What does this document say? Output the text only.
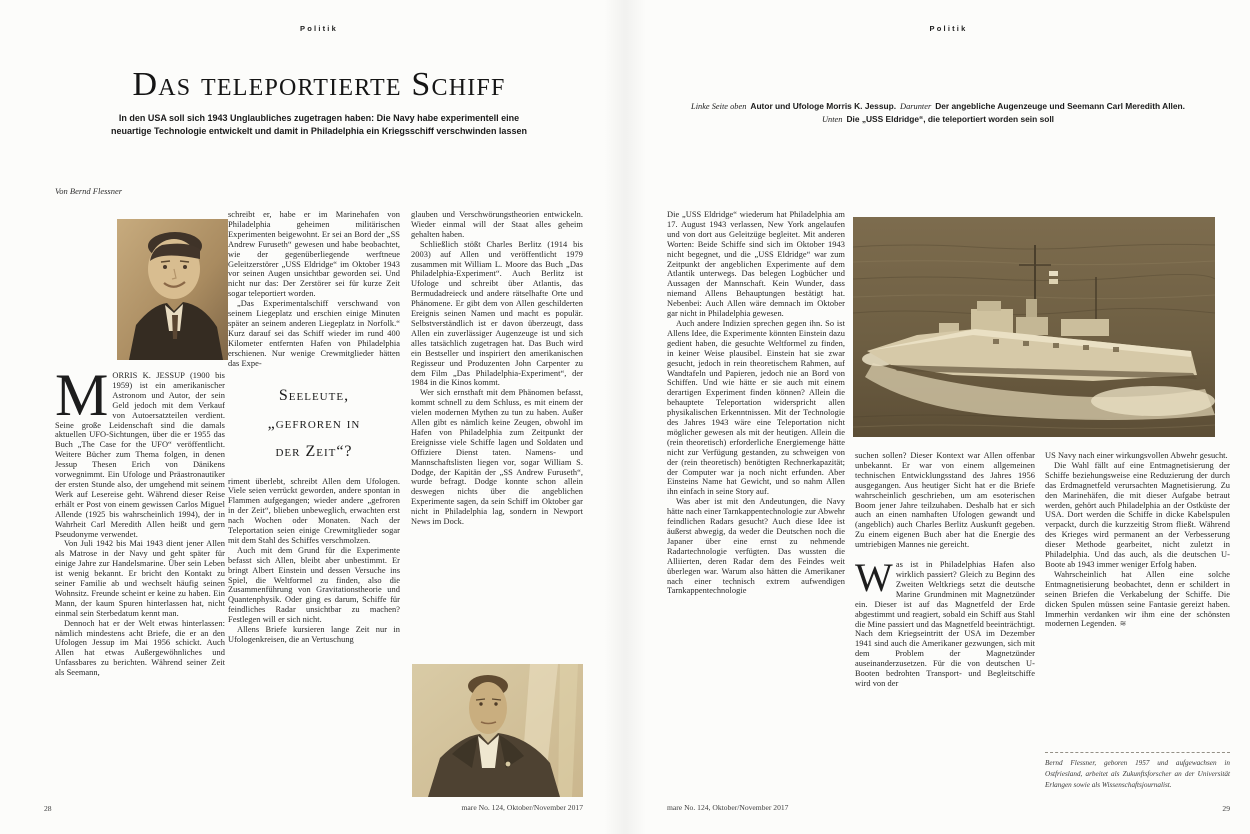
Politik
Das teleportierte Schiff

In den USA soll sich 1943 Unglaubliches zugetragen haben: Die Navy habe experimentell eine
neuartige Technologie entwickelt und damit in Philadelphia ein Kriegsschiff verschwinden lassen

Von Bernd Flessner

MORRIS K. JESSUP (1900 bis 1959) ist ein amerikanischer Astronom und Autor, der sein Geld jedoch mit dem Verkauf von Autoersatzteilen verdient. Seine große Leidenschaft sind die damals aktuellen UFO-Sichtungen, über die er 1955 das Buch „The Case for the UFO“ veröffentlicht. Weitere Bücher zum Thema folgen, in denen Jessup Thesen Erich von Dänikens vorwegnimmt. Ein Ufologe und Präastronautiker der ersten Stunde also, der umgehend mit seinem Werk auf Lesereise geht. Während dieser Reise erhält er Post von einem gewissen Carlos Miguel Allende (1925 bis wahrscheinlich 1994), der in Wahrheit Carl Meredith Allen heißt und gern Pseudonyme verwendet.

Von Juli 1942 bis Mai 1943 dient jener Allen als Matrose in der Navy und geht später für einige Jahre zur Handelsmarine. Über sein Leben ist wenig bekannt. Er bricht den Kontakt zu seiner Familie ab und wechselt häufig seinen Wohnsitz. Freunde scheint er keine zu haben. Ein Mann, der kaum Spuren hinterlassen hat, nicht einmal sein Sterbedatum kennt man.

Dennoch hat er der Welt etwas hinterlassen: nämlich mindestens acht Briefe, die er an den Ufologen Jessup im Mai 1956 schickt. Auch Allen hat etwas Außergewöhnliches und Unfassbares zu berichten. Während seiner Zeit als Seemann,

schreibt er, habe er im Marinehafen von Philadelphia geheimen militärischen Experimenten beigewohnt. Er sei an Bord der „SS Andrew Furuseth“ gewesen und habe beobachtet, wie der gegenüberliegende werftneue Geleitzerstörer „USS Eldridge“ im Oktober 1943 vor seinen Augen unsichtbar geworden sei. Und nicht nur das: Der Zerstörer sei für kurze Zeit sogar teleportiert worden.

„Das Experimentalschiff verschwand von seinem Liegeplatz und erschien einige Minuten später an seinem anderen Liegeplatz in Norfolk.“ Kurz darauf sei das Schiff wieder im rund 400 Kilometer entfernten Hafen von Philadelphia erschienen. Nur wenige Crewmitglieder hätten das Expe-

Seeleute,
„gefroren in
der Zeit“?

riment überlebt, schreibt Allen dem Ufologen. Viele seien verrückt geworden, andere spontan in Flammen aufgegangen; wieder andere „gefroren in der Zeit“, blieben unbeweglich, erwachten erst nach Wochen oder Monaten. Nach der Teleportation seien einige Crewmitglieder sogar mit dem Stahl des Schiffes verschmolzen.

Auch mit dem Grund für die Experimente befasst sich Allen, bleibt aber unbestimmt. Er bringt Albert Einstein und dessen Versuche ins Spiel, die Weltformel zu finden, also die Zusammenführung von Gravitationstheorie und Quantenphysik. Oder ging es darum, Schiffe für feindliches Radar unsichtbar zu machen? Festlegen will er sich nicht.

Allens Briefe kursieren lange Zeit nur in Ufologenkreisen, die an Vertuschung

glauben und Verschwörungstheorien entwickeln. Wieder einmal will der Staat alles geheim gehalten haben.

Schließlich stößt Charles Berlitz (1914 bis 2003) auf Allen und veröffentlicht 1979 zusammen mit William L. Moore das Buch „Das Philadelphia-Experiment“. Auch Berlitz ist Ufologe und schreibt über Atlantis, das Bermudadreieck und andere rätselhafte Orte und Phänomene. Er gibt dem von Allen geschilderten Ereignis seinen Namen und macht es populär. Selbstverständlich ist er davon überzeugt, dass Allen ein zuverlässiger Augenzeuge ist und sich alles tatsächlich zugetragen hat. Das Buch wird ein Bestseller und inspiriert den amerikanischen Regisseur und Produzenten John Carpenter zu dem Film „Das Philadelphia-Experiment“, der 1984 in die Kinos kommt.

Wer sich ernsthaft mit dem Phänomen befasst, kommt schnell zu dem Schluss, es mit einem der vielen modernen Mythen zu tun zu haben. Außer Allen gibt es nämlich keine Zeugen, obwohl im Hafen von Philadelphia zum Zeitpunkt der Ereignisse viele Schiffe lagen und Soldaten und Offiziere Dienst taten. Namens- und Mannschaftslisten liegen vor, sogar William S. Dodge, der Kapitän der „SS Andrew Furuseth“, wurde befragt. Dodge konnte schon allein deswegen nichts über die angeblichen Experimente sagen, da sein Schiff im Oktober gar nicht in Philadelphia lag, sondern in Newport News im Dock.

28	mare No. 124, Oktober/November 2017
Politik
Linke Seite oben Autor und Ufologe Morris K. Jessup. Darunter Der angebliche Augenzeuge und Seemann Carl Meredith Allen.
Unten Die „USS Eldridge“, die teleportiert worden sein soll

Die „USS Eldridge“ wiederum hat Philadelphia am 17. August 1943 verlassen, New York angelaufen und von dort aus Geleitzüge begleitet. Mit anderen Worten: Beide Schiffe sind sich im Oktober 1943 nicht begegnet, und die „USS Eldridge“ war zum Zeitpunkt der angeblichen Experimente auf dem Atlantik unterwegs. Das belegen Logbücher und Aussagen der Mannschaft. Kein Wunder, dass niemand Allens Behauptungen bestätigt hat. Nebenbei: Auch Allen wäre demnach im Oktober gar nicht in Philadelphia gewesen.

Auch andere Indizien sprechen gegen ihn. So ist Allens Idee, die Experimente könnten Einstein dazu gedient haben, die gesuchte Weltformel zu finden, in keiner Weise plausibel. Einstein hat sie zwar gesucht, jedoch in rein theoretischem Rahmen, auf Wandtafeln und Papieren, jedoch nie an Bord von Schiffen. Und wie hätte er sie auch mit einem derartigen Experiment finden können? Allein die behauptete Teleportation widerspricht allen physikalischen Erkenntnissen. Mit der Technologie des Jahres 1943 wäre eine Teleportation nicht möglicher gewesen als mit der heutigen. Allein die (rein theoretisch) erforderliche Energiemenge hätte nicht zur Verfügung gestanden, zu schweigen von der (rein theoretisch) benötigten Rechnerkapazität; der Computer war ja noch nicht erfunden. Aber Einsteins Name hat Gewicht, und so nahm Allen ihn einfach in seine Story auf.

Was aber ist mit den Andeutungen, die Navy hätte nach einer Tarnkappentechnologie zur Abwehr feindlichen Radars gesucht? Auch diese Idee ist äußerst abwegig, da weder die Deutschen noch die Japaner über eine ernst zu nehmende Radartechnologie verfügten. Das wussten die Alliierten, deren Radar dem des Feindes weit überlegen war. Warum also hätten die Amerikaner nach einer technisch extrem aufwendigen Tarnkappentechnologie

suchen sollen? Dieser Kontext war Allen offenbar unbekannt. Er war von einem allgemeinen technischen Entwicklungsstand des Jahres 1956 ausgegangen. Aus heutiger Sicht hat er die Briefe wahrscheinlich geschrieben, um am esoterischen Boom jener Jahre teilzuhaben. Deshalb hat er sich auch an einen namhaften Ufologen gewandt und (angeblich) auch Charles Berlitz Auskunft gegeben. Zu einem eigenen Buch aber hat die Energie des umtriebigen Mannes nie gereicht.

Was ist in Philadelphias Hafen also wirklich passiert? Gleich zu Beginn des Zweiten Weltkriegs setzt die deutsche Marine Grundminen mit Magnetzünder ein. Dieser ist auf das Magnetfeld der Erde abgestimmt und reagiert, sobald ein Schiff aus Stahl die Mine passiert und das Magnetfeld beeinträchtigt. Nach dem Kriegseintritt der USA im Dezember 1941 sind auch die Amerikaner gezwungen, sich mit dem Problem der Magnetzünder auseinanderzusetzen. Für die von deutschen U-Booten bedrohten Transport- und Begleitschiffe wird von der

US Navy nach einer wirkungsvollen Abwehr gesucht.

Die Wahl fällt auf eine Entmagnetisierung der Schiffe beziehungsweise eine Reduzierung der durch das Erdmagnetfeld verursachten Magnetisierung. Zu den Marinehäfen, die mit dieser Aufgabe betraut werden, gehört auch Philadelphia an der Ostküste der USA. Dort werden die Schiffe in dicke Kabelspulen verpackt, durch die kurzzeitig Strom fließt. Während des Krieges wird permanent an der Verbesserung dieser Methode gearbeitet, nicht zuletzt in Philadelphia. Und das auch, als die deutschen U-Boote ab 1943 immer weniger Erfolg haben.

Wahrscheinlich hat Allen eine solche Entmagnetisierung beobachtet, denn er schildert in seinen Briefen die Verkabelung der Schiffe. Die dicken Spulen müssen seine Fantasie gereizt haben. Immerhin verdanken wir ihm eine der schönsten modernen Legenden. ≋

Bernd Flessner, geboren 1957 und aufgewachsen in Ostfriesland, arbeitet als Zukunftsforscher an der Universität Erlangen sowie als Wissenschaftsjournalist.
mare No. 124, Oktober/November 2017	29
